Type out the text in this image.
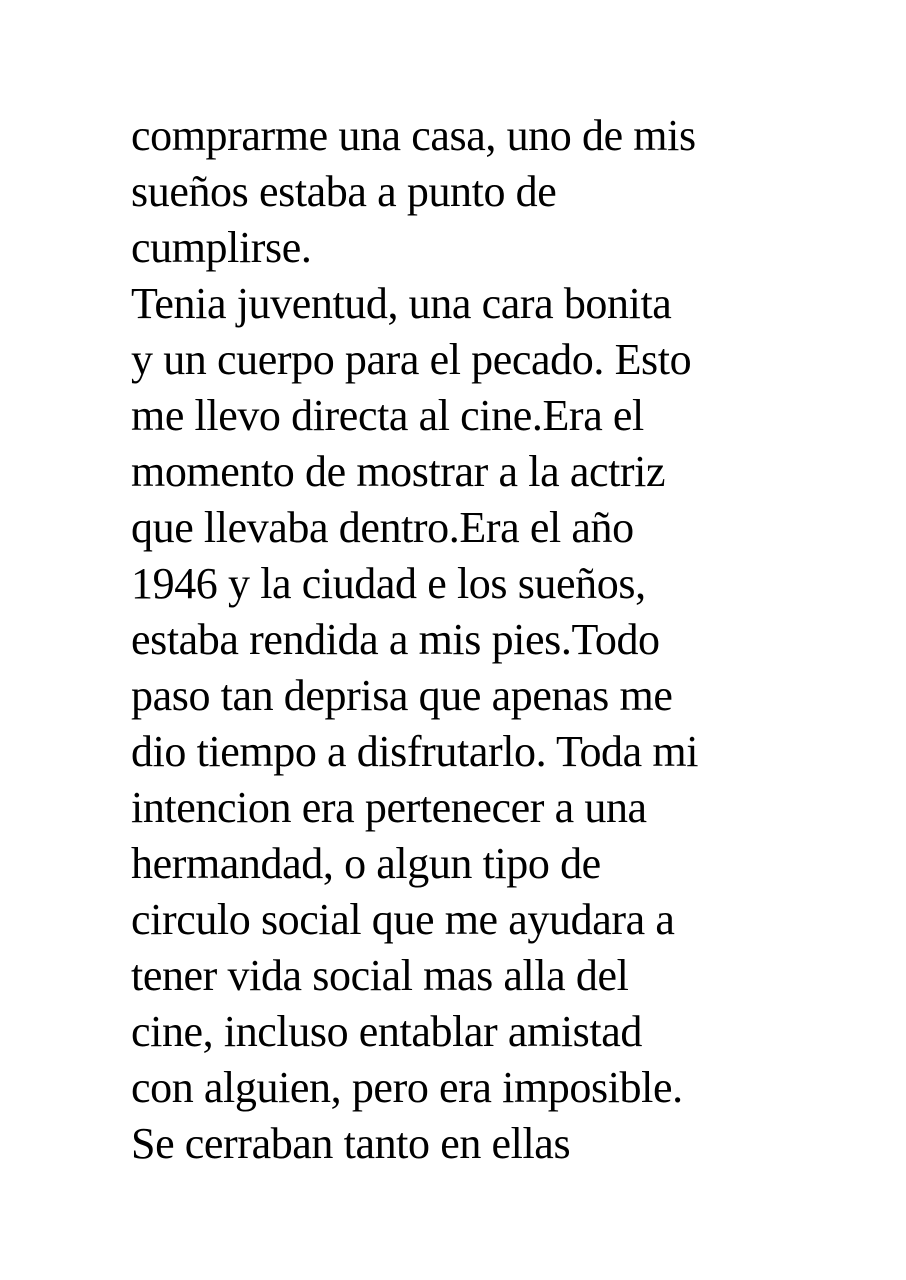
comprarme una casa, uno de mis
sueños estaba a punto de
cumplirse.
Tenia juventud, una cara bonita
y un cuerpo para el pecado. Esto
me llevo directa al cine.Era el
momento de mostrar a la actriz
que llevaba dentro.Era el año
1946 y la ciudad e los sueños,
estaba rendida a mis pies.Todo
paso tan deprisa que apenas me
dio tiempo a disfrutarlo. Toda mi
intencion era pertenecer a una
hermandad, o algun tipo de
circulo social que me ayudara a
tener vida social mas alla del
cine, incluso entablar amistad
con alguien, pero era imposible.
Se cerraban tanto en ellas
